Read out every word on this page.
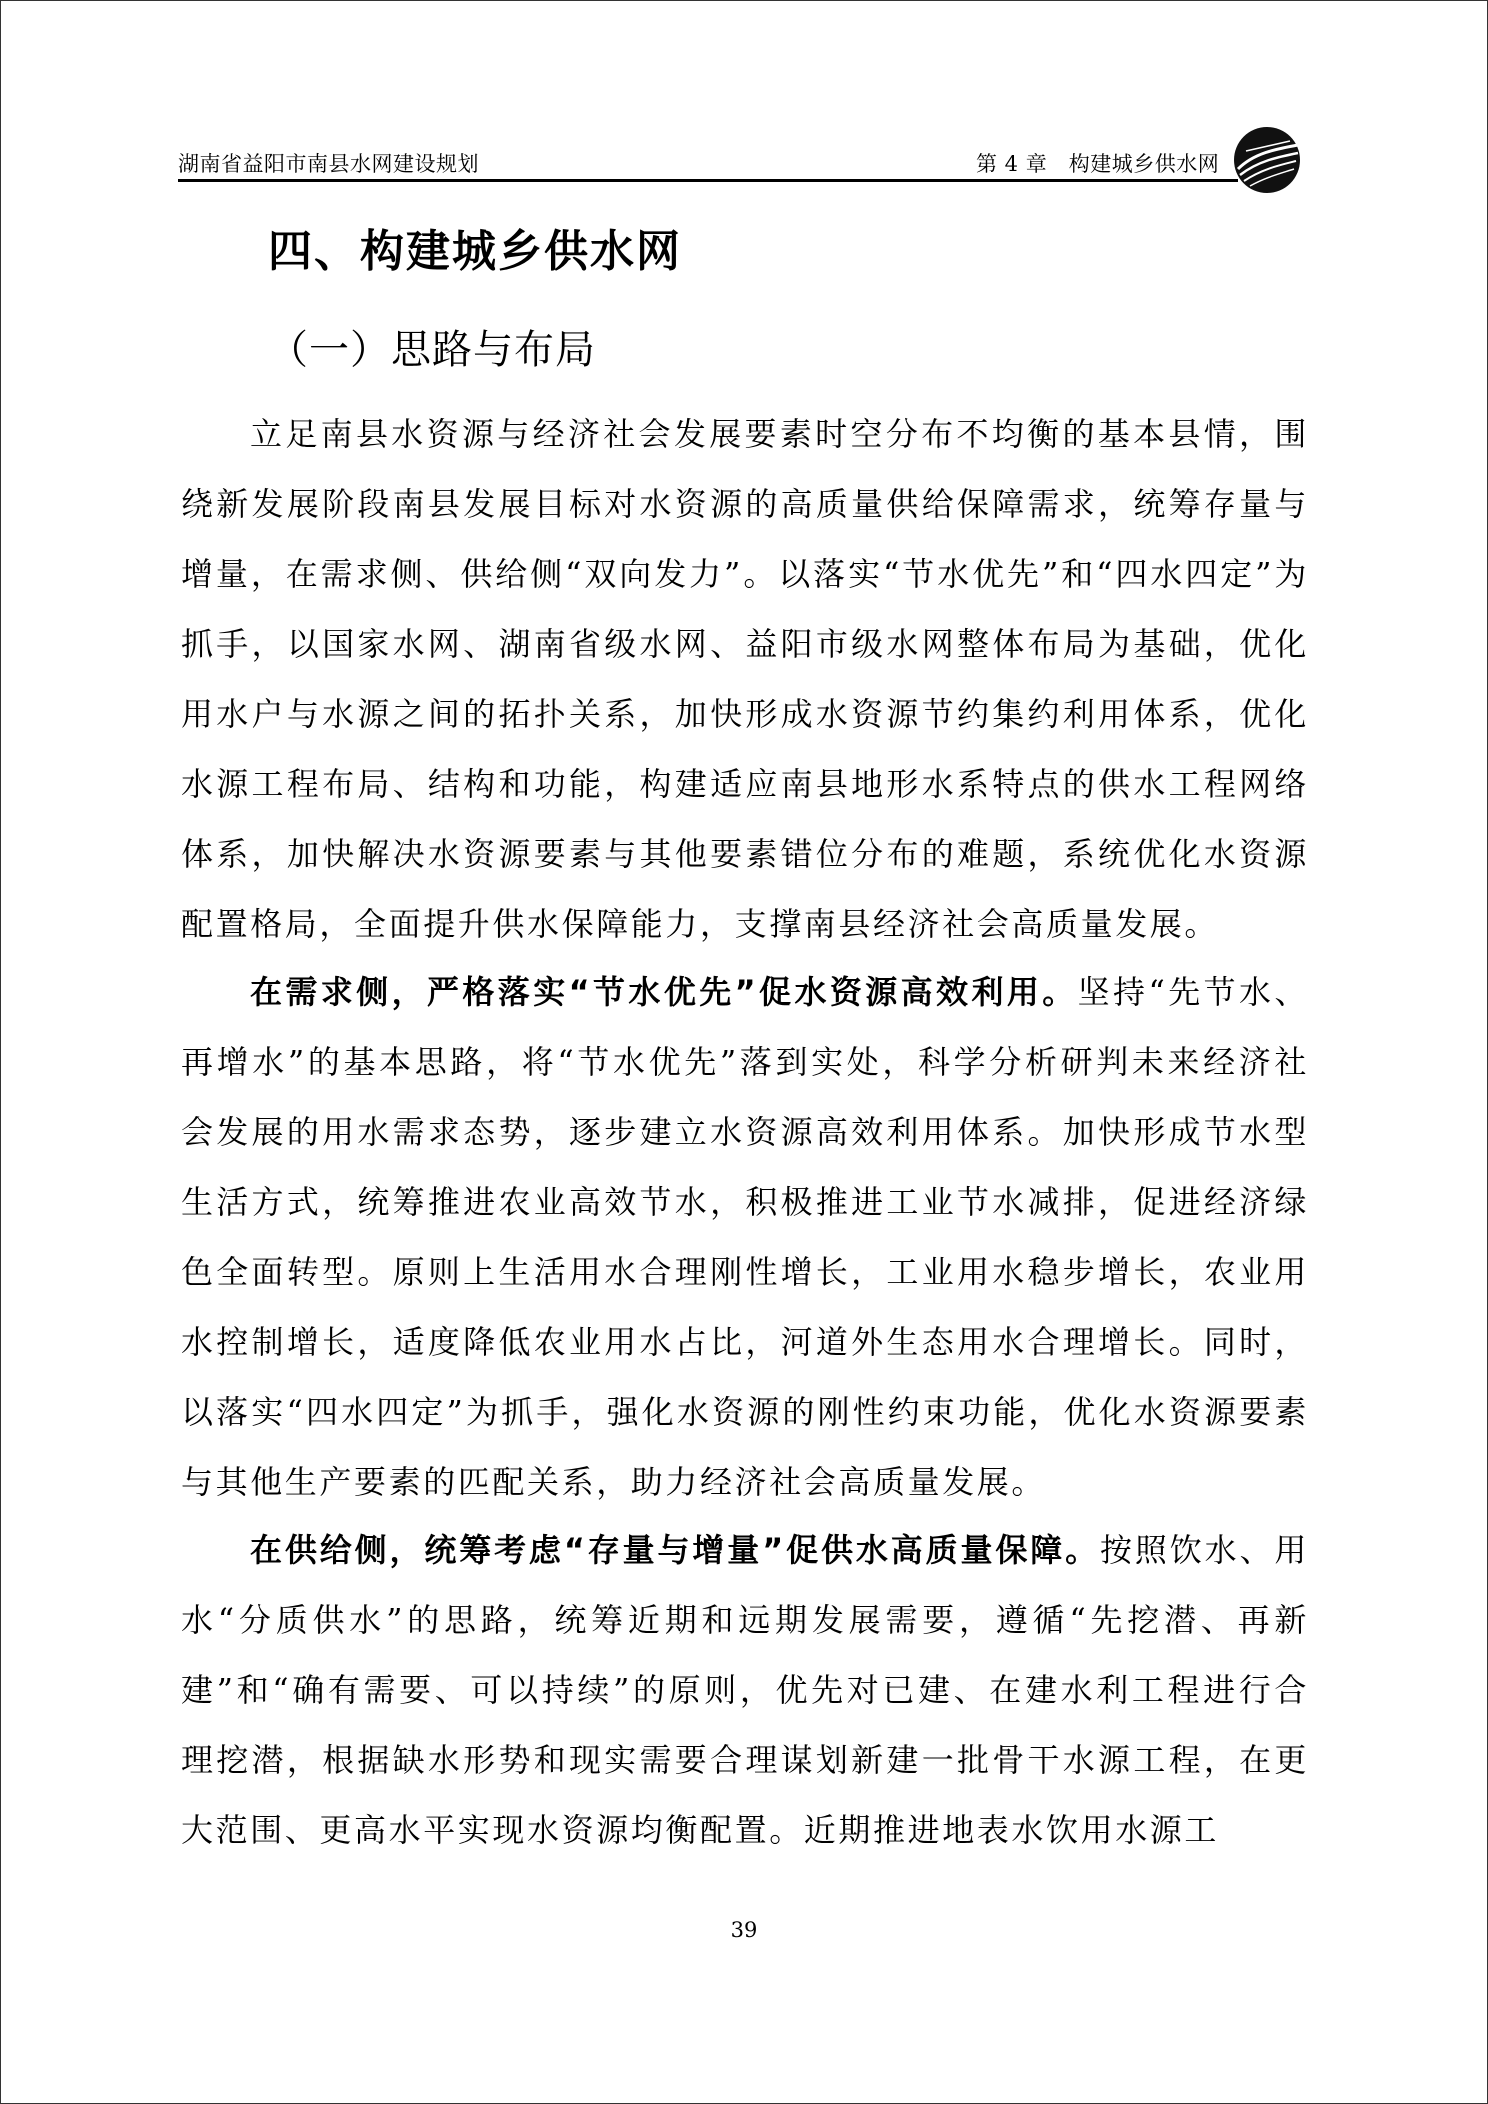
湖南省益阳市南县水网建设规划	第 4 章　构建城乡供水网
四、构建城乡供水网
（一）思路与布局

立足南县水资源与经济社会发展要素时空分布不均衡的基本县情，围绕新发展阶段南县发展目标对水资源的高质量供给保障需求，统筹存量与增量，在需求侧、供给侧“双向发力”。以落实“节水优先”和“四水四定”为抓手，以国家水网、湖南省级水网、益阳市级水网整体布局为基础，优化用水户与水源之间的拓扑关系，加快形成水资源节约集约利用体系，优化水源工程布局、结构和功能，构建适应南县地形水系特点的供水工程网络体系，加快解决水资源要素与其他要素错位分布的难题，系统优化水资源配置格局，全面提升供水保障能力，支撑南县经济社会高质量发展。

在需求侧，严格落实“节水优先”促水资源高效利用。坚持“先节水、再增水”的基本思路，将“节水优先”落到实处，科学分析研判未来经济社会发展的用水需求态势，逐步建立水资源高效利用体系。加快形成节水型生活方式，统筹推进农业高效节水，积极推进工业节水减排，促进经济绿色全面转型。原则上生活用水合理刚性增长，工业用水稳步增长，农业用水控制增长，适度降低农业用水占比，河道外生态用水合理增长。同时，以落实“四水四定”为抓手，强化水资源的刚性约束功能，优化水资源要素与其他生产要素的匹配关系，助力经济社会高质量发展。

在供给侧，统筹考虑“存量与增量”促供水高质量保障。按照饮水、用水“分质供水”的思路，统筹近期和远期发展需要，遵循“先挖潜、再新建”和“确有需要、可以持续”的原则，优先对已建、在建水利工程进行合理挖潜，根据缺水形势和现实需要合理谋划新建一批骨干水源工程，在更大范围、更高水平实现水资源均衡配置。近期推进地表水饮用水源工

39
